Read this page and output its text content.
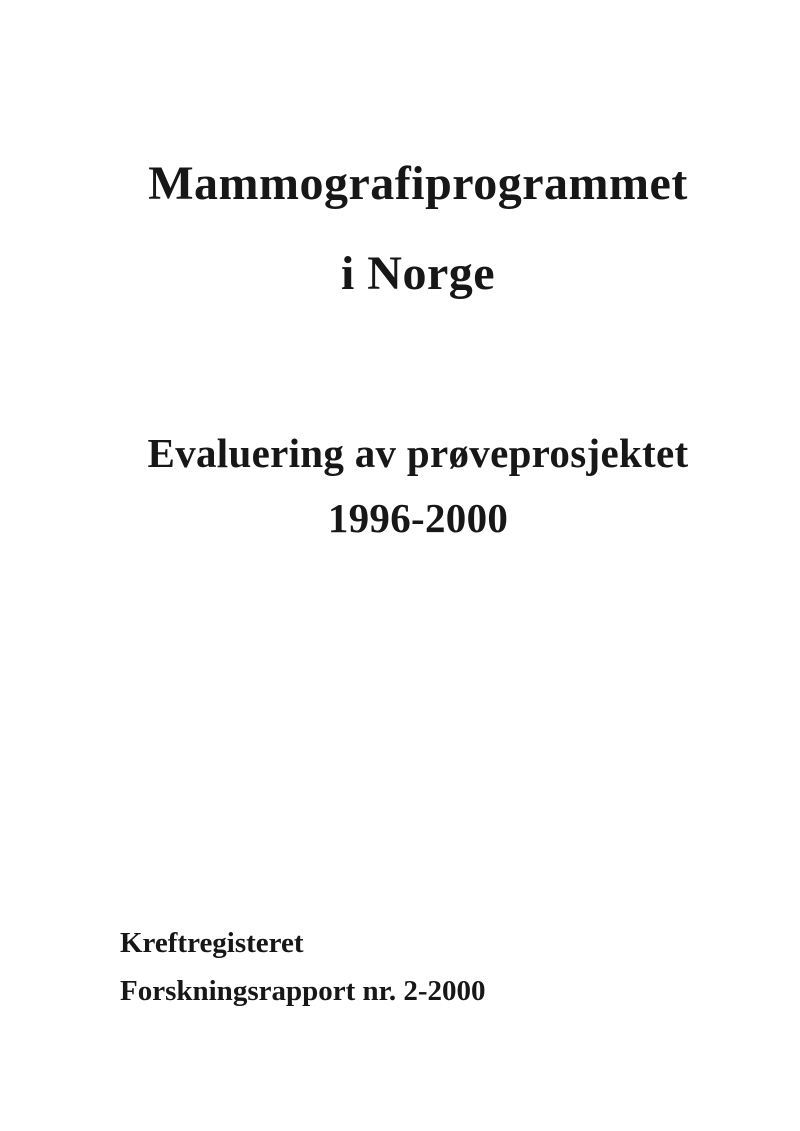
Mammografiprogrammet
i Norge
Evaluering av prøveprosjektet
1996-2000
Kreftregisteret
Forskningsrapport nr. 2-2000
